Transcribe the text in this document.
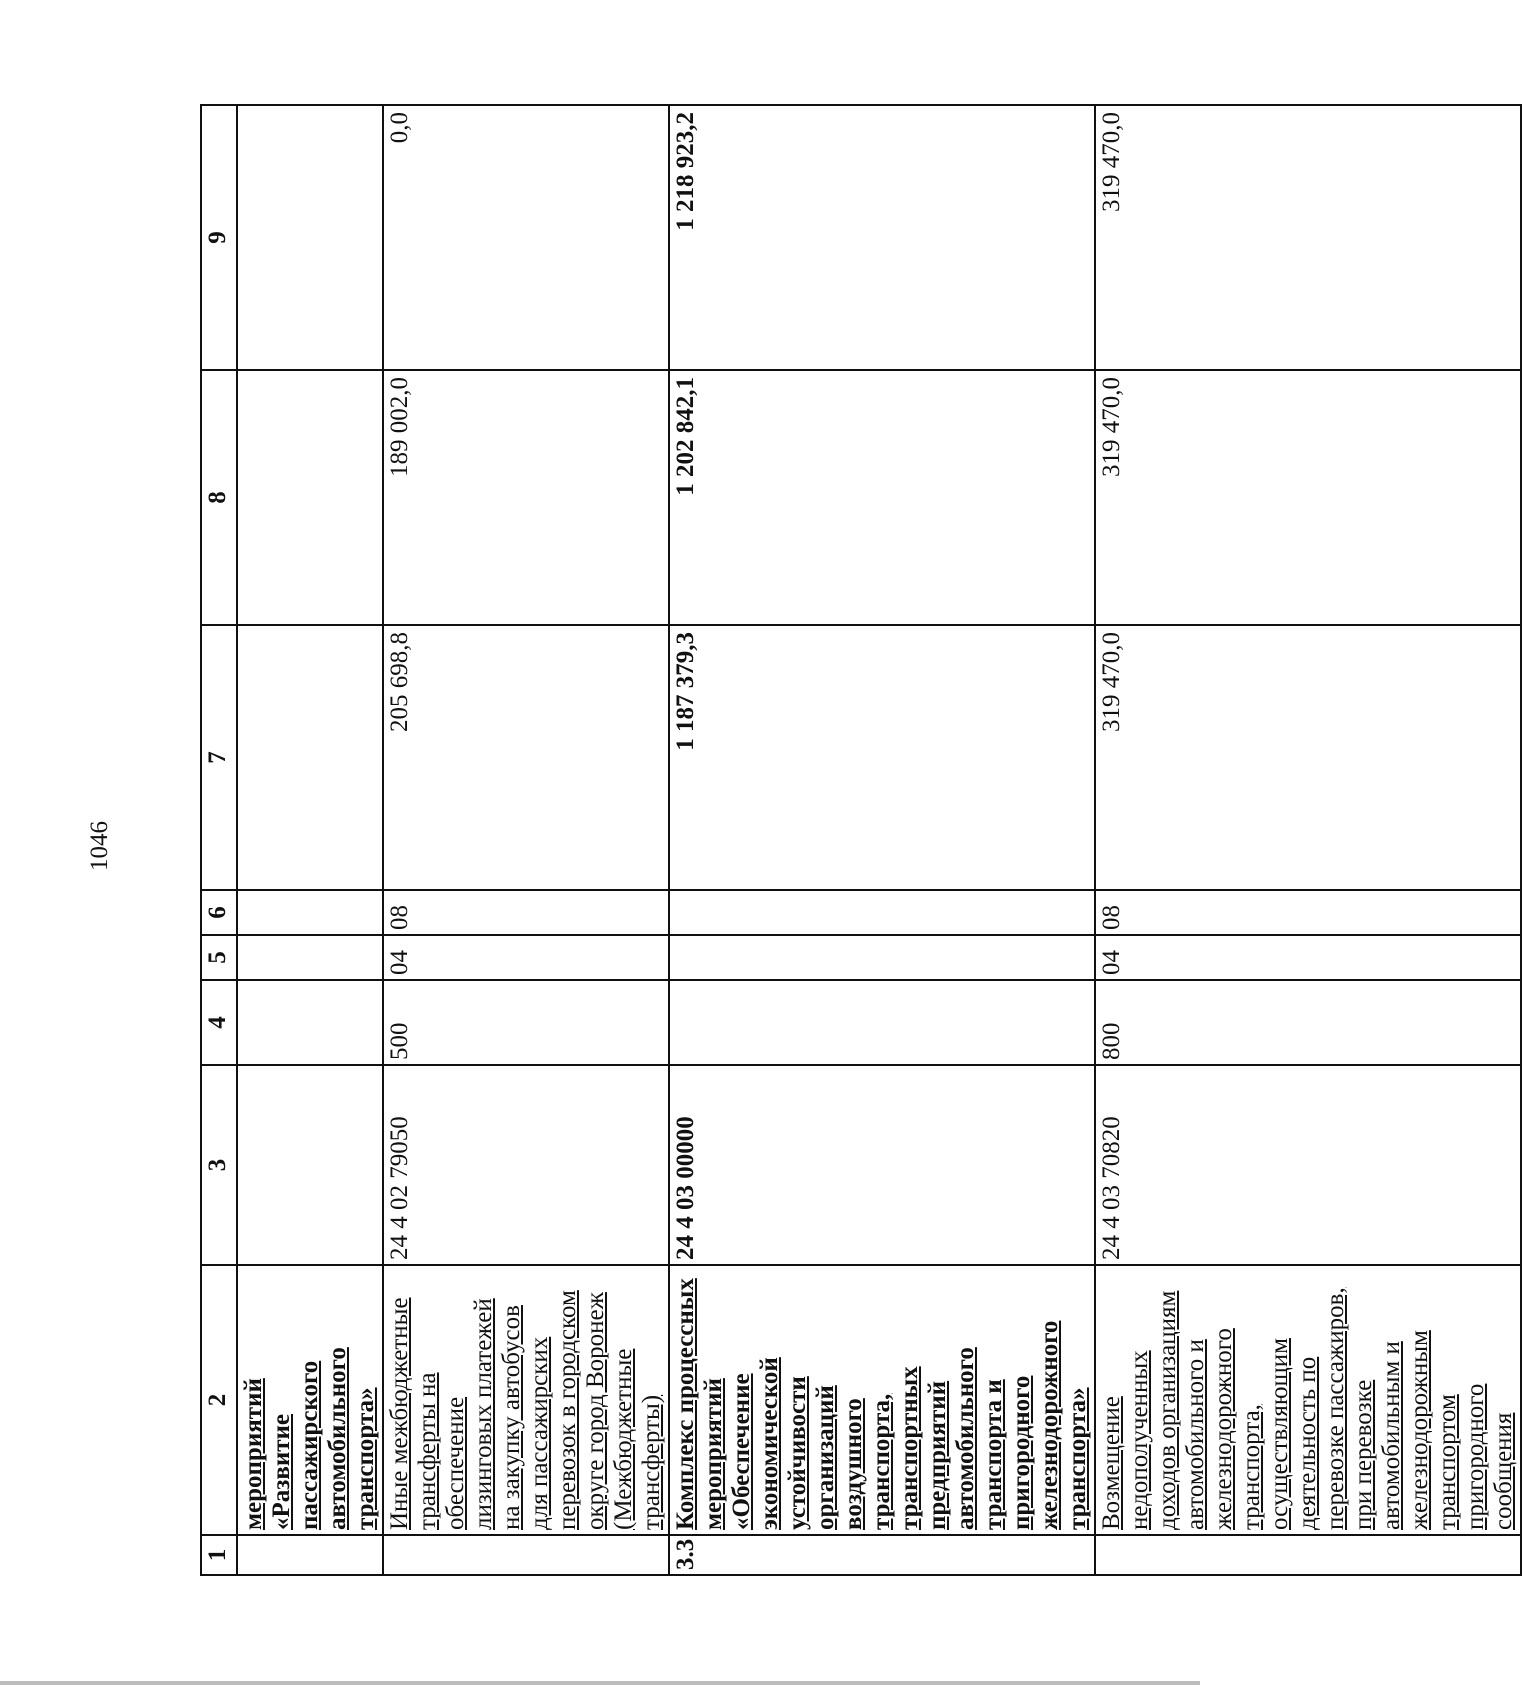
1046
1	2	3	4	5	6	7	8	9
	мероприятий «Развитие пассажирского автомобильного транспорта»							
	Иные межбюджетные трансферты на обеспечение лизинговых платежей на закупку автобусов для пассажирских перевозок в городском округе город Воронеж (Межбюджетные трансферты)	24 4 02 79050	500	04	08	205 698,8	189 002,0	0,0
3.3	Комплекс процессных мероприятий «Обеспечение экономической устойчивости организаций воздушного транспорта, транспортных предприятий автомобильного транспорта и пригородного железнодорожного транспорта»	24 4 03 00000				1 187 379,3	1 202 842,1	1 218 923,2
	Возмещение недополученных доходов организациям автомобильного и железнодорожного транспорта, осуществляющим деятельность по перевозке пассажиров, при перевозке автомобильным и железнодорожным транспортом пригородного сообщения	24 4 03 70820	800	04	08	319 470,0	319 470,0	319 470,0
